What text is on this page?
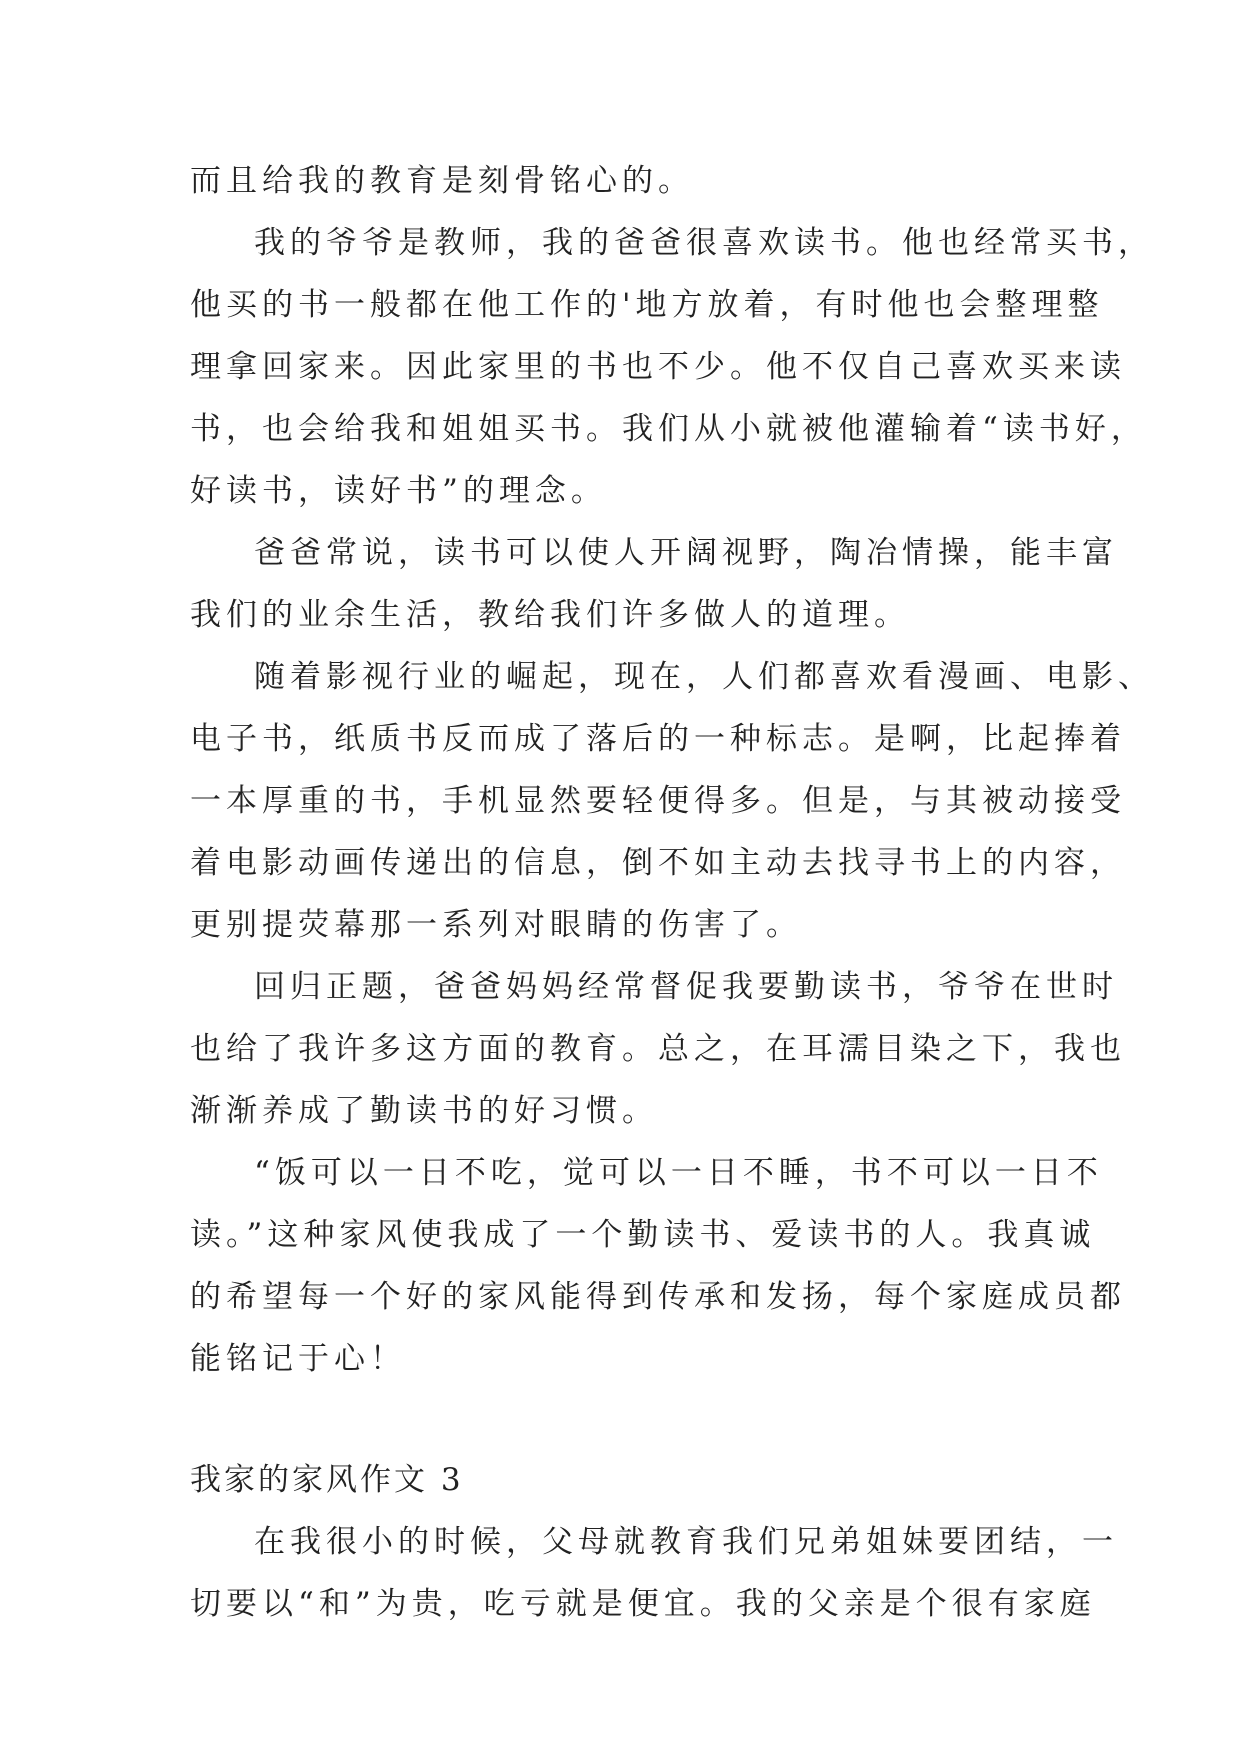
而且给我的教育是刻骨铭心的。
我的爷爷是教师，我的爸爸很喜欢读书。他也经常买书，
他买的书一般都在他工作的'地方放着，有时他也会整理整
理拿回家来。因此家里的书也不少。他不仅自己喜欢买来读
书，也会给我和姐姐买书。我们从小就被他灌输着“读书好，
好读书，读好书”的理念。
爸爸常说，读书可以使人开阔视野，陶冶情操，能丰富
我们的业余生活，教给我们许多做人的道理。
随着影视行业的崛起，现在，人们都喜欢看漫画、电影、
电子书，纸质书反而成了落后的一种标志。是啊，比起捧着
一本厚重的书，手机显然要轻便得多。但是，与其被动接受
着电影动画传递出的信息，倒不如主动去找寻书上的内容，
更别提荧幕那一系列对眼睛的伤害了。
回归正题，爸爸妈妈经常督促我要勤读书，爷爷在世时
也给了我许多这方面的教育。总之，在耳濡目染之下，我也
渐渐养成了勤读书的好习惯。
“饭可以一日不吃，觉可以一日不睡，书不可以一日不
读。”这种家风使我成了一个勤读书、爱读书的人。我真诚
的希望每一个好的家风能得到传承和发扬，每个家庭成员都
能铭记于心！
我家的家风作文 3
在我很小的时候，父母就教育我们兄弟姐妹要团结，一
切要以“和”为贵，吃亏就是便宜。我的父亲是个很有家庭
